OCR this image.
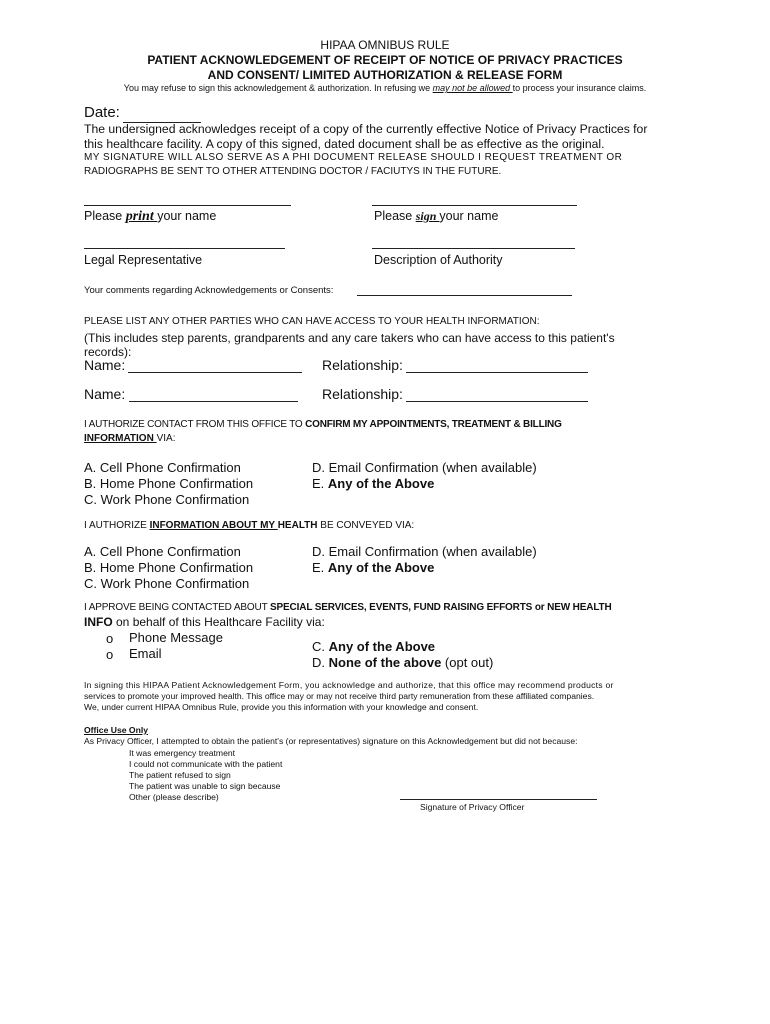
HIPAA OMNIBUS RULE
PATIENT ACKNOWLEDGEMENT OF RECEIPT OF NOTICE OF PRIVACY PRACTICES
AND CONSENT/ LIMITED AUTHORIZATION & RELEASE FORM
You may refuse to sign this acknowledgement & authorization. In refusing we may not be allowed to process your insurance claims.
Date:
The undersigned acknowledges receipt of a copy of the currently effective Notice of Privacy Practices for
this healthcare facility. A copy of this signed, dated document shall be as effective as the original.
MY SIGNATURE WILL ALSO SERVE AS A PHI DOCUMENT RELEASE SHOULD I REQUEST TREATMENT OR
RADIOGRAPHS BE SENT TO OTHER ATTENDING DOCTOR / FACIUTYS IN THE FUTURE.
Please print your name	Please sign your name
Legal Representative	Description of Authority
Your comments regarding Acknowledgements or Consents:
PLEASE LIST ANY OTHER PARTIES WHO CAN HAVE ACCESS TO YOUR HEALTH INFORMATION:
(This includes step parents, grandparents and any care takers who can have access to this patient's
records):
Name:	Relationship:
Name:	Relationship:
I AUTHORIZE CONTACT FROM THIS OFFICE TO CONFIRM MY APPOINTMENTS, TREATMENT & BILLING
INFORMATION VIA:
A. Cell Phone Confirmation
B. Home Phone Confirmation
C. Work Phone Confirmation
D. Email Confirmation (when available)
E. Any of the Above
I AUTHORIZE INFORMATION ABOUT MY HEALTH BE CONVEYED VIA:
A. Cell Phone Confirmation
B. Home Phone Confirmation
C. Work Phone Confirmation
D. Email Confirmation (when available)
E. Any of the Above
I APPROVE BEING CONTACTED ABOUT SPECIAL SERVICES, EVENTS, FUND RAISING EFFORTS or NEW HEALTH
INFO on behalf of this Healthcare Facility via:
o Phone Message
o Email	C. Any of the Above
D. None of the above (opt out)
In signing this HIPAA Patient Acknowledgement Form, you acknowledge and authorize, that this office may recommend products or
services to promote your improved health. This office may or may not receive third party remuneration from these affiliated companies.
We, under current HIPAA Omnibus Rule, provide you this information with your knowledge and consent.
Office Use Only
As Privacy Officer, I attempted to obtain the patient's (or representatives) signature on this Acknowledgement but did not because:
It was emergency treatment
I could not communicate with the patient
The patient refused to sign
The patient was unable to sign because
Other (please describe)
Signature of Privacy Officer
